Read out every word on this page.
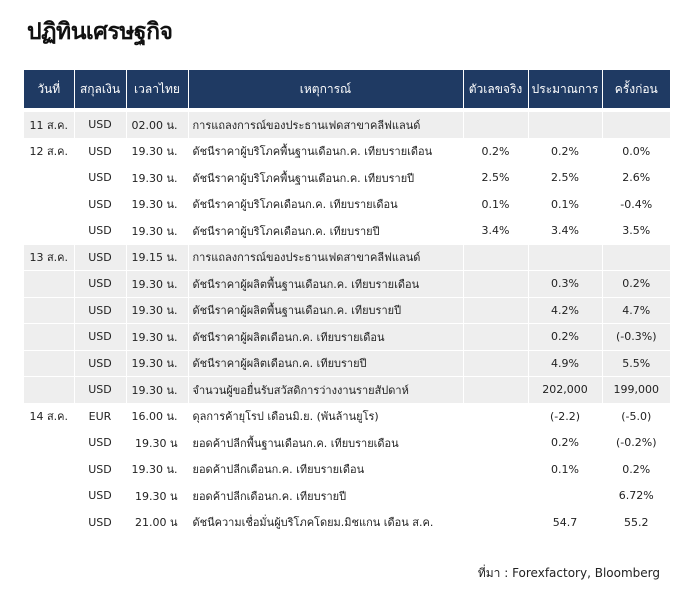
ปฏิทินเศรษฐกิจ
วันที่	สกุลเงิน	เวลาไทย	เหตุการณ์	ตัวเลขจริง	ประมาณการ	ครั้งก่อน
11 ส.ค.	USD	02.00 น.	การแถลงการณ์ของประธานเฟดสาขาคลีฟแลนด์			
12 ส.ค.	USD	19.30 น.	ดัชนีราคาผู้บริโภคพื้นฐานเดือนก.ค. เทียบรายเดือน	0.2%	0.2%	0.0%
	USD	19.30 น.	ดัชนีราคาผู้บริโภคพื้นฐานเดือนก.ค. เทียบรายปี	2.5%	2.5%	2.6%
	USD	19.30 น.	ดัชนีราคาผู้บริโภคเดือนก.ค. เทียบรายเดือน	0.1%	0.1%	-0.4%
	USD	19.30 น.	ดัชนีราคาผู้บริโภคเดือนก.ค. เทียบรายปี	3.4%	3.4%	3.5%
13 ส.ค.	USD	19.15 น.	การแถลงการณ์ของประธานเฟดสาขาคลีฟแลนด์			
	USD	19.30 น.	ดัชนีราคาผู้ผลิตพื้นฐานเดือนก.ค. เทียบรายเดือน		0.3%	0.2%
	USD	19.30 น.	ดัชนีราคาผู้ผลิตพื้นฐานเดือนก.ค. เทียบรายปี		4.2%	4.7%
	USD	19.30 น.	ดัชนีราคาผู้ผลิตเดือนก.ค. เทียบรายเดือน		0.2%	(-0.3%)
	USD	19.30 น.	ดัชนีราคาผู้ผลิตเดือนก.ค. เทียบรายปี		4.9%	5.5%
	USD	19.30 น.	จำนวนผู้ขอยื่นรับสวัสดิการว่างงานรายสัปดาห์		202,000	199,000
14 ส.ค.	EUR	16.00 น.	ดุลการค้ายุโรป เดือนมิ.ย. (พันล้านยูโร)		(-2.2)	(-5.0)
	USD	19.30 น	ยอดค้าปลีกพื้นฐานเดือนก.ค. เทียบรายเดือน		0.2%	(-0.2%)
	USD	19.30 น.	ยอดค้าปลีกเดือนก.ค. เทียบรายเดือน		0.1%	0.2%
	USD	19.30 น	ยอดค้าปลีกเดือนก.ค. เทียบรายปี			6.72%
	USD	21.00 น	ดัชนีความเชื่อมั่นผู้บริโภคโดยม.มิชแกน เดือน ส.ค.		54.7	55.2
ที่มา : Forexfactory, Bloomberg
